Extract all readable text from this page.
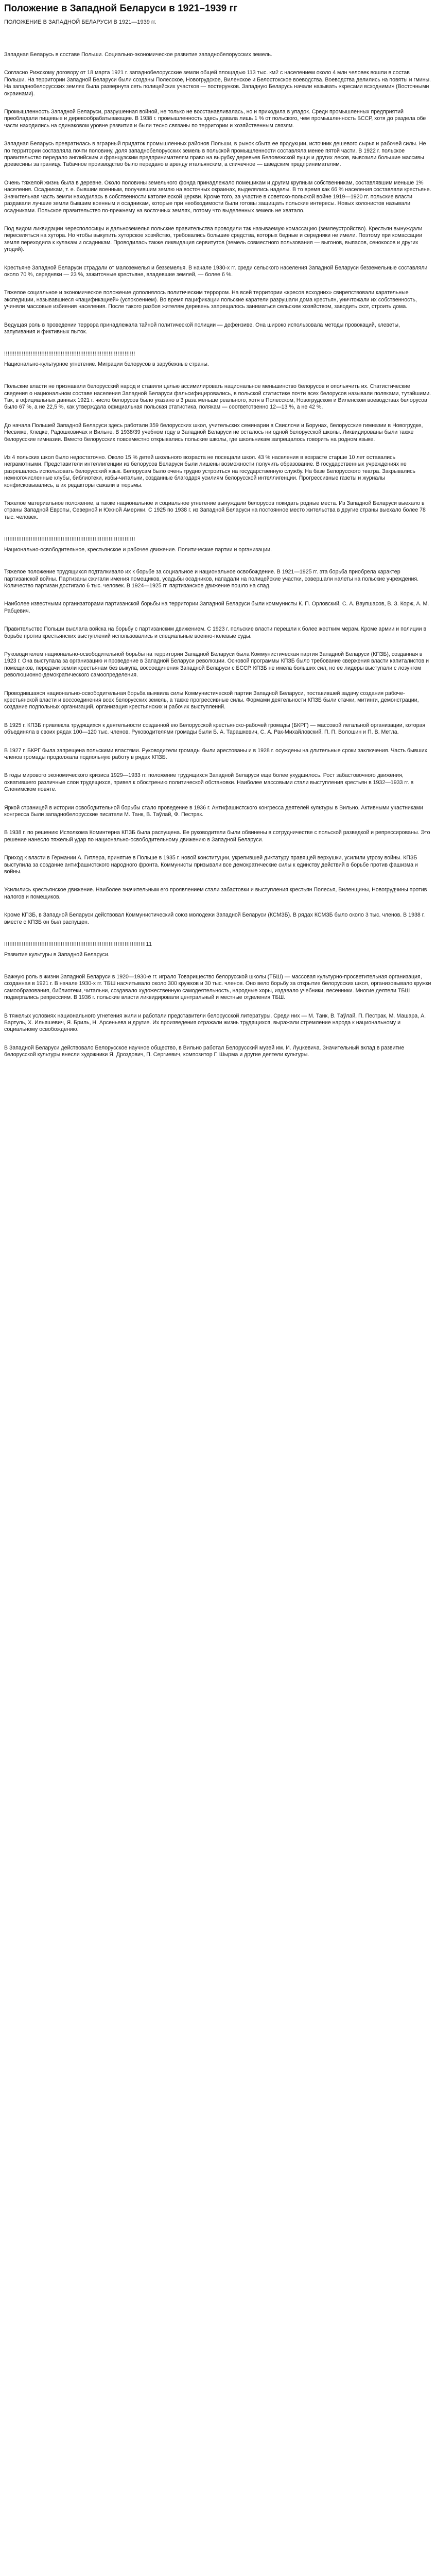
Положение в Западной Беларуси в 1921–1939 гг
ПОЛОЖЕНИЕ В ЗАПАДНОЙ БЕЛАРУСИ В 1921—1939 гг.

Западная Беларусь в составе Польши. Социально-экономическое развитие западнобелорусских земель.

Согласно Рижскому договору от 18 марта 1921 г. западнобелорусские земли общей площадью 113 тыс. км2 с населением около 4 млн человек вошли в состав Польши. На территории Западной Беларуси были созданы Полесское, Новогрудское, Виленское и Белостокское воеводства. Воеводства делились на повяты и гмины. На западнобелорусских землях была развернута сеть полицейских участков — постерунков. Западную Беларусь начали называть «кресами всходними» (Восточными окраинами).

Промышленность Западной Беларуси, разрушенная войной, не только не восстанавливалась, но и приходила в упадок. Среди промышленных предприятий преобладали пищевые и деревообрабатывающие. В 1938 г. промышленность здесь давала лишь 1 % от польского, чем промышленность БССР, хотя до раздела обе части находились на одинаковом уровне развития и были тесно связаны по территории и хозяйственным связям.

Западная Беларусь превратилась в аграрный придаток промышленных районов Польши, в рынок сбыта ее продукции, источник дешевого сырья и рабочей силы. Не по территории составляла почти половину, доля западнобелорусских земель в польской промышленности составляла менее пятой части. В 1922 г. польское правительство передало английским и французским предпринимателям право на вырубку деревьев Беловежской пущи и других лесов, вывозили большие массивы древесины за границу. Табачное производство было передано в аренду итальянским, а спичечное — шведским предпринимателям.

Очень тяжелой жизнь была в деревне. Около половины земельного фонда принадлежало помещикам и другим крупным собственникам, составлявшим меньше 1% населения. Осадникам, т. е. бывшим военным, получившим землю на восточных окраинах, выделялись наделы. В то время как 66 % населения составляли крестьяне. Значительная часть земли находилась в собственности католической церкви. Кроме того, за участие в советско-польской войне 1919—1920 гг. польские власти раздавали лучшие земли бывшим военным и осадникам, которые при необходимости были готовы защищать польские интересы. Новых колонистов называли осадниками. Польское правительство по-прежнему на восточных землях, потому что выделенных земель не хватало.

Под видом ликвидации чересполосицы и дальноземелья польские правительства проводили так называемую комассацию (землеустройство). Крестьян вынуждали переселяться на хутора. Но чтобы выкупить хуторское хозяйство, требовались большие средства, которых бедные и середняки не имели. Поэтому при комассации земля переходила к кулакам и осадникам. Проводилась также ликвидация сервитутов (земель совместного пользования — выгонов, выпасов, сенокосов и других угодий).

Крестьяне Западной Беларуси страдали от малоземелья и безземелья. В начале 1930-х гг. среди сельского населения Западной Беларуси безземельные составляли около 70 %, середняки — 23 %, зажиточные крестьяне, владевшие землей, — более 6 %.

Тяжелое социальное и экономическое положение дополнялось политическим террором. На всей территории «кресов всходних» свирепствовали карательные экспедиции, называвшиеся «пацификацией» (успокоением). Во время пацификации польские каратели разрушали дома крестьян, уничтожали их собственность, учиняли массовые избиения населения. После такого разбоя жителям деревень запрещалось заниматься сельским хозяйством, заводить скот, строить дома.

Ведущая роль в проведении террора принадлежала тайной политической полиции — дефензиве. Она широко использовала методы провокаций, клеветы, запугивания и фиктивных пыток.

!!!!!!!!!!!!!!!!!!!!!!!!!!!!!!!!!!!!!!!!!!!!!!!!!!!!!!!!!!!!!!!!!!!!!!!!!!
Национально-культурное угнетение. Миграции белорусов в зарубежные страны.

Польские власти не признавали белорусский народ и ставили целью ассимилировать национальное меньшинство белорусов и опольячить их. Статистические сведения о национальном составе населения Западной Беларуси фальсифицировались, в польской статистике почти всех белорусов называли поляками, тутэйшими. Так, в официальных данных 1921 г. число белорусов было указано в 3 раза меньше реального, хотя в Полесском, Новогрудском и Виленском воеводствах белорусов было 67 %, а не 22,5 %, как утверждала официальная польская статистика, полякам — соответственно 12—13 %, а не 42 %.

До начала Польшей Западной Беларуси здесь работали 359 белорусских школ, учительских семинарии в Свислочи и Борунах, белорусские гимназии в Новогрудке, Несвиже, Клецке, Радошковичах и Вильне. В 1938/39 учебном году в Западной Беларуси не осталось ни одной белорусской школы. Ликвидированы были также белорусские гимназии. Вместо белорусских повсеместно открывались польские школы, где школьникам запрещалось говорить на родном языке.

Из 4 польских школ было недостаточно. Около 15 % детей школьного возраста не посещали школ. 43 % населения в возрасте старше 10 лет оставались неграмотными. Представители интеллигенции из белорусов Беларуси были лишены возможности получить образование. В государственных учреждениях не разрешалось использовать белорусский язык. Белорусам было очень трудно устроиться на государственную службу. На базе Белорусского театра. Закрывались немногочисленные клубы, библиотеки, избы-читальни, созданные благодаря усилиям белорусской интеллигенции. Прогрессивные газеты и журналы конфисковывались, а их редакторы сажали в тюрьмы.

Тяжелое материальное положение, а также национальное и социальное угнетение вынуждали белорусов покидать родные места. Из Западной Беларуси выехало в страны Западной Европы, Северной и Южной Америки. С 1925 по 1938 г. из Западной Беларуси на постоянное место жительства в другие страны выехало более 78 тыс. человек.

!!!!!!!!!!!!!!!!!!!!!!!!!!!!!!!!!!!!!!!!!!!!!!!!!!!!!!!!!!!!!!!!!!!!!!!!!!
Национально-освободительное, крестьянское и рабочее движение. Политические партии и организации.

Тяжелое положение трудящихся подталкивало их к борьбе за социальное и национальное освобождение. В 1921—1925 гг. эта борьба приобрела характер партизанской войны. Партизаны сжигали имения помещиков, усадьбы осадников, нападали на полицейские участки, совершали налеты на польские учреждения. Количество партизан достигало 6 тыс. человек. В 1924—1925 гг. партизанское движение пошло на спад.

Наиболее известными организаторами партизанской борьбы на территории Западной Беларуси были коммунисты К. П. Орловский, С. А. Ваупшасов, В. З. Корж, А. М. Рабцевич.

Правительство Польши выслала войска на борьбу с партизанским движением. С 1923 г. польские власти перешли к более жестким мерам. Кроме армии и полиции в борьбе против крестьянских выступлений использовались и специальные военно-полевые суды.

Руководителем национально-освободительной борьбы на территории Западной Беларуси была Коммунистическая партия Западной Беларуси (КПЗБ), созданная в 1923 г. Она выступала за организацию и проведение в Западной Беларуси революции. Основой программы КПЗБ было требование свержения власти капиталистов и помещиков, передачи земли крестьянам без выкупа, воссоединения Западной Беларуси с БССР. КПЗБ не имела больших сил, но ее лидеры выступали с лозунгом революционно-демократического самоопределения.

Проводившаяся национально-освободительная борьба выявила силы Коммунистической партии Западной Беларуси, поставившей задачу создания рабоче-крестьянской власти и воссоединения всех белорусских земель, а также прогрессивные силы. Формами деятельности КПЗБ были стачки, митинги, демонстрации, создание подпольных организаций, организация крестьянских и рабочих выступлений.

В 1925 г. КПЗБ привлекла трудящихся к деятельности созданной ею Белорусской крестьянско-рабочей громады (БКРГ) — массовой легальной организации, которая объединяла в своих рядах 100—120 тыс. членов. Руководителями громады были Б. А. Тарашкевич, С. А. Рак-Михайловский, П. П. Волошин и П. В. Метла.

В 1927 г. БКРГ была запрещена польскими властями. Руководители громады были арестованы и в 1928 г. осуждены на длительные сроки заключения. Часть бывших членов громады продолжала подпольную работу в рядах КПЗБ.

В годы мирового экономического кризиса 1929—1933 гг. положение трудящихся Западной Беларуси еще более ухудшилось. Рост забастовочного движения, охватившего различные слои трудящихся, привел к обострению политической обстановки. Наиболее массовыми стали выступления крестьян в 1932—1933 гг. в Слонимском повяте.

Яркой страницей в истории освободительной борьбы стало проведение в 1936 г. Антифашистского конгресса деятелей культуры в Вильно. Активными участниками конгресса были западнобелорусские писатели М. Танк, В. Таўлай, Ф. Пестрак.

В 1938 г. по решению Исполкома Коминтерна КПЗБ была распущена. Ее руководители были обвинены в сотрудничестве с польской разведкой и репрессированы. Это решение нанесло тяжелый удар по национально-освободительному движению в Западной Беларуси.

Приход к власти в Германии А. Гитлера, принятие в Польше в 1935 г. новой конституции, укрепившей диктатуру правящей верхушки, усилили угрозу войны. КПЗБ выступила за создание антифашистского народного фронта. Коммунисты призывали все демократические силы к единству действий в борьбе против фашизма и войны.

Усилились крестьянское движение. Наиболее значительным его проявлением стали забастовки и выступления крестьян Полесья, Виленщины, Новогрудчины против налогов и помещиков.

Кроме КПЗБ, в Западной Беларуси действовал Коммунистический союз молодежи Западной Беларуси (КСМЗБ). В рядах КСМЗБ было около 3 тыс. членов. В 1938 г. вместе с КПЗБ он был распущен.

!!!!!!!!!!!!!!!!!!!!!!!!!!!!!!!!!!!!!!!!!!!!!!!!!!!!!!!!!!!!!!!!!!!!!!!!!!!!!!!!11
Развитие культуры в Западной Беларуси.

Важную роль в жизни Западной Беларуси в 1920—1930-е гг. играло Товарищество белорусской школы (ТБШ) — массовая культурно-просветительная организация, созданная в 1921 г. В начале 1930-х гг. ТБШ насчитывало около 300 кружков и 30 тыс. членов. Оно вело борьбу за открытие белорусских школ, организовывало кружки самообразования, библиотеки, читальни, создавало художественную самодеятельность, народные хоры, издавало учебники, песенники. Многие деятели ТБШ подвергались репрессиям. В 1936 г. польские власти ликвидировали центральный и местные отделения ТБШ.

В тяжелых условиях национального угнетения жили и работали представители белорусской литературы. Среди них — М. Танк, В. Таўлай, П. Пестрак, М. Машара, А. Бартуль, Х. Ильяшевич, Я. Бриль, Н. Арсеньева и другие. Их произведения отражали жизнь трудящихся, выражали стремление народа к национальному и социальному освобождению.

В Западной Беларуси действовало Белорусское научное общество, в Вильно работал Белорусский музей им. И. Луцкевича. Значительный вклад в развитие белорусской культуры внесли художники Я. Дроздович, П. Сергиевич, композитор Г. Шырма и другие деятели культуры.
